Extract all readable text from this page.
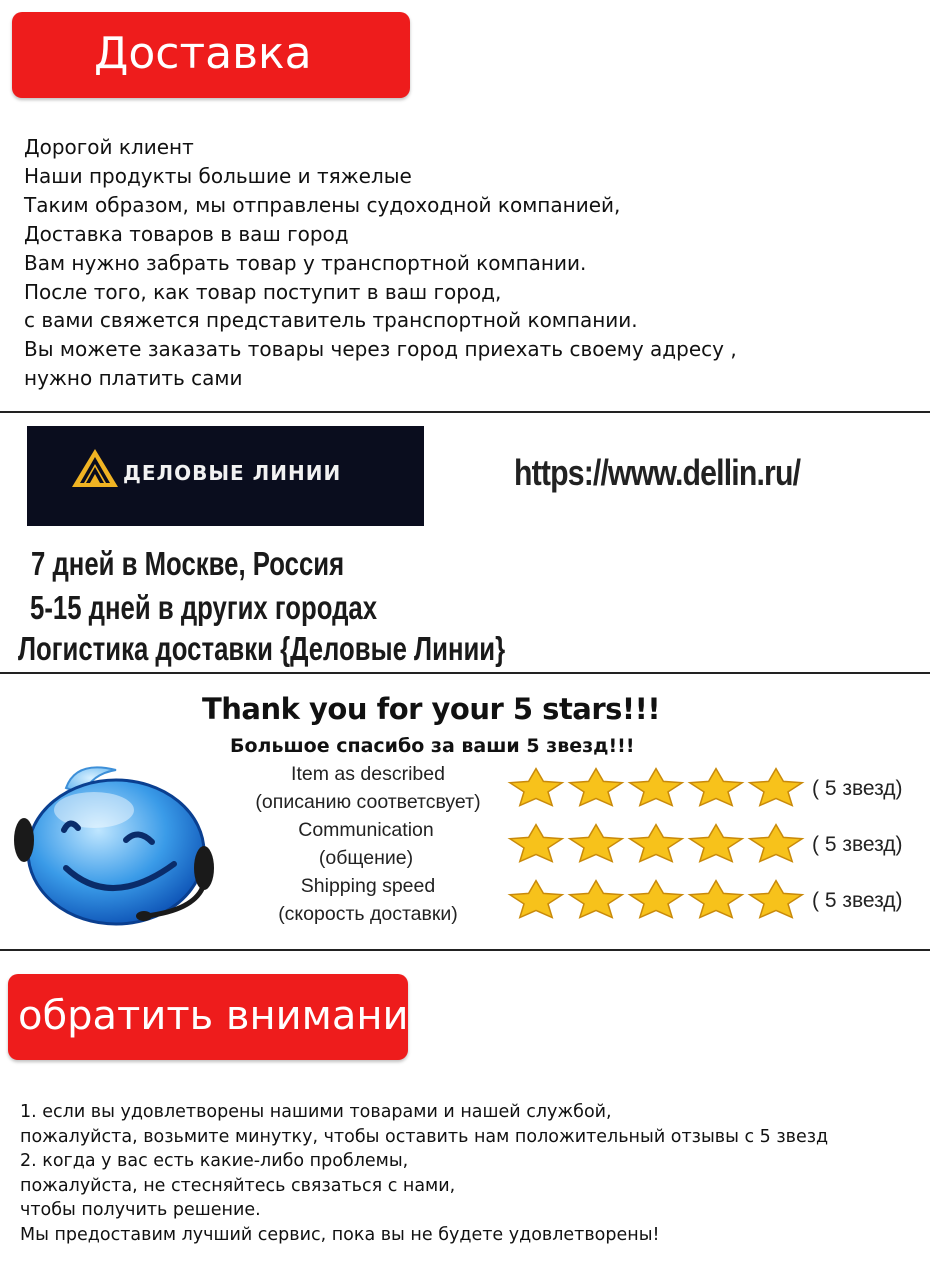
Доставка
Дорогой клиент
Наши продукты большие и тяжелые
Таким образом, мы отправлены судоходной компанией,
Доставка товаров в ваш город
Вам нужно забрать товар у транспортной компании.
После того, как товар поступит в ваш город,
с вами свяжется представитель транспортной компании.
Вы можете заказать товары через город приехать своему адресу ,
нужно платить сами
ДЕЛОВЫЕ ЛИНИИ	https://www.dellin.ru/
7 дней в Москве, Россия
5-15 дней в других городах
Логистика доставки {Деловые Линии}
Thank you for your 5 stars!!!
Большое спасибо за ваши 5 звезд!!!
Item as described
(описанию соответсвует)
Communication
(общение)
Shipping speed
(скорость доставки)
( 5 звезд)
( 5 звезд)
( 5 звезд)
обратить внимание
1. если вы удовлетворены нашими товарами и нашей службой,
пожалуйста, возьмите минутку, чтобы оставить нам положительный отзывы с 5 звезд
2. когда у вас есть какие-либо проблемы,
пожалуйста, не стесняйтесь связаться с нами,
чтобы получить решение.
Мы предоставим лучший сервис, пока вы не будете удовлетворены!
